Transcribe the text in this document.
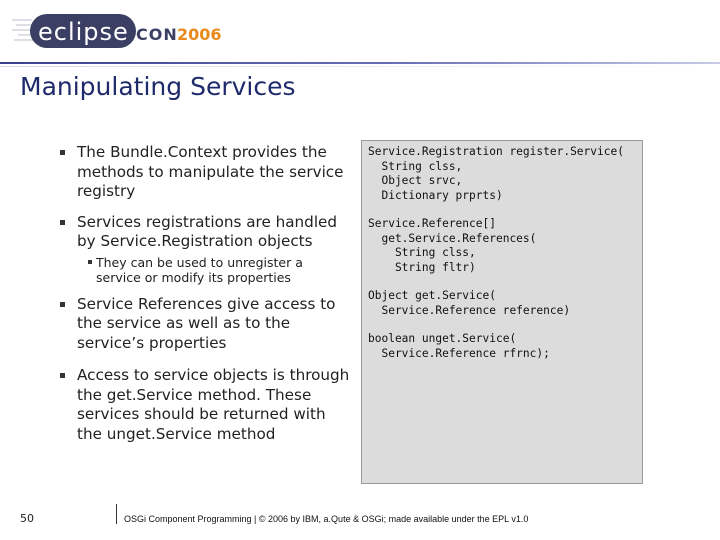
eclipse CON 2006
Manipulating Services
The Bundle.Context provides the methods to manipulate the service registry
Services registrations are handled by Service.Registration objects
They can be used to unregister a service or modify its properties
Service References give access to the service as well as to the service’s properties
Access to service objects is through the get.Service method. These services should be returned with the unget.Service method
Service.Registration register.Service(
String clss,
Object srvc,
Dictionary prprts)
Service.Reference[]
get.Service.References(
String clss,
String fltr)
Object get.Service(
Service.Reference reference)
boolean unget.Service(
Service.Reference rfrnc);
50	OSGi Component Programming | © 2006 by IBM, a.Qute & OSGi; made available under the EPL v1.0
